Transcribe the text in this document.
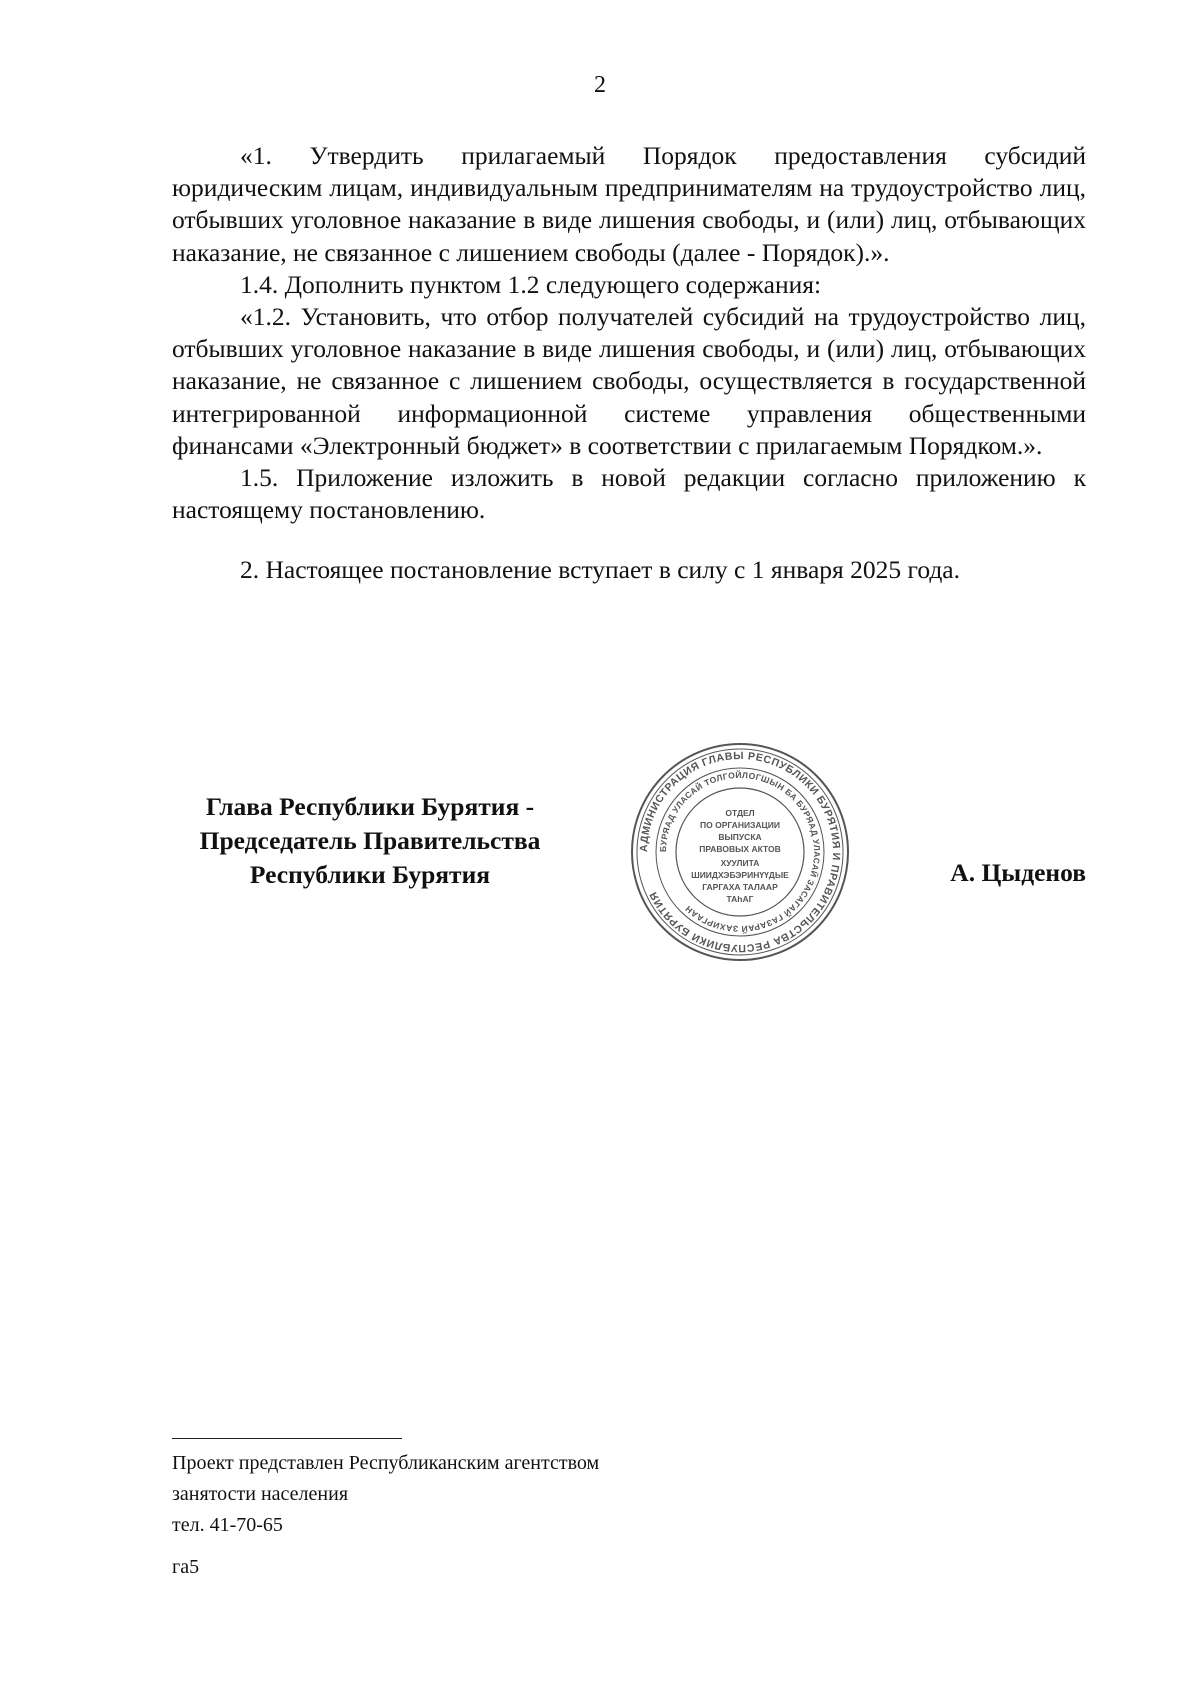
2

«1. Утвердить прилагаемый Порядок предоставления субсидий юридическим лицам, индивидуальным предпринимателям на трудоустройство лиц, отбывших уголовное наказание в виде лишения свободы, и (или) лиц, отбывающих наказание, не связанное с лишением свободы (далее - Порядок).».

1.4. Дополнить пунктом 1.2 следующего содержания:

«1.2. Установить, что отбор получателей субсидий на трудоустройство лиц, отбывших уголовное наказание в виде лишения свободы, и (или) лиц, отбывающих наказание, не связанное с лишением свободы, осуществляется в государственной интегрированной информационной системе управления общественными финансами «Электронный бюджет» в соответствии с прилагаемым Порядком.».

1.5. Приложение изложить в новой редакции согласно приложению к настоящему постановлению.

2. Настоящее постановление вступает в силу с 1 января 2025 года.

Глава Республики Бурятия -
Председатель Правительства
Республики Бурятия
АДМИНИСТРАЦИЯ ГЛАВЫ РЕСПУБЛИКИ БУРЯТИЯ И ПРАВИТЕЛЬСТВА РЕСПУБЛИКИ БУРЯТИЯ
БУРЯАД УЛАСАЙ ТОЛГОЙЛОГШЫН БА БУРЯАД УЛАСАЙ ЗАСАГАЙ ГАЗАРАЙ ЗАХИРГААН
ОТДЕЛ
ПО ОРГАНИЗАЦИИ
ВЫПУСКА
ПРАВОВЫХ АКТОВ
ХУУЛИТА
ШИИДХЭБЭРИНҮҮДЫЕ
ГАРГАХА ТАЛААР
ТАһАГ
А. Цыденов
Проект представлен Республиканским агентством
занятости населения
тел. 41-70-65
га5
